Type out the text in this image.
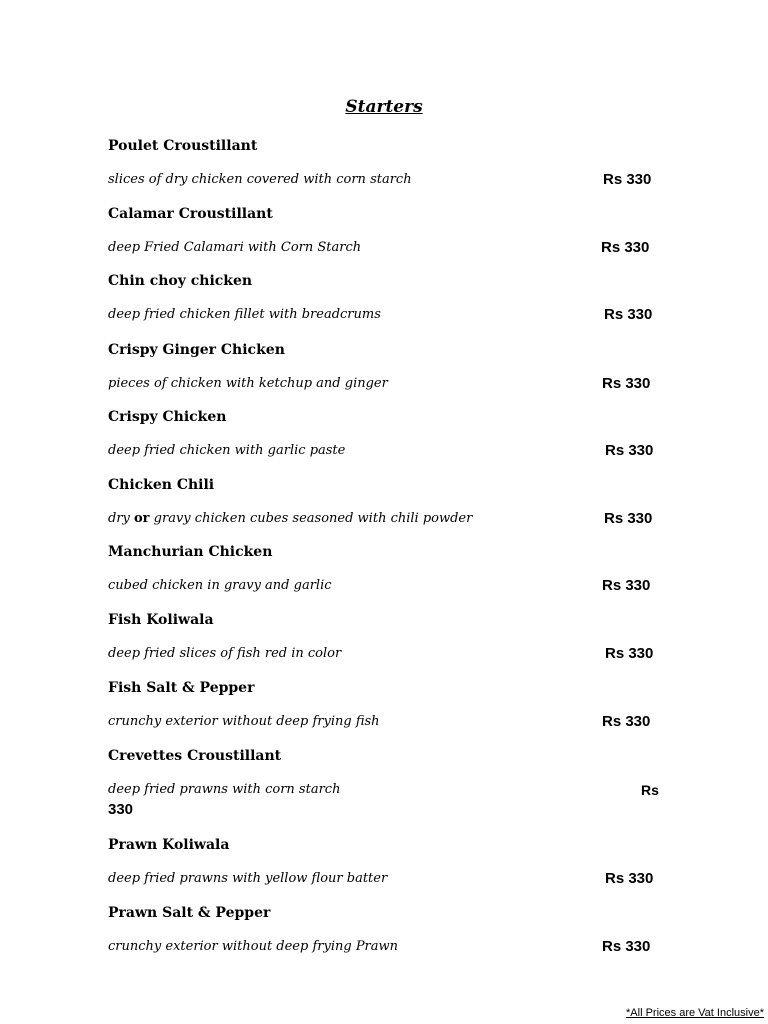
Starters
Poulet Croustillant
slices of dry chicken covered with corn starch	Rs 330
Calamar Croustillant
deep Fried Calamari with Corn Starch	Rs 330
Chin choy chicken
deep fried chicken fillet with breadcrums	Rs 330
Crispy Ginger Chicken
pieces of chicken with ketchup and ginger	Rs 330
Crispy Chicken
deep fried chicken with garlic paste	Rs 330
Chicken Chili
dry or gravy chicken cubes seasoned with chili powder	Rs 330
Manchurian Chicken
cubed chicken in gravy and garlic	Rs 330
Fish Koliwala
deep fried slices of fish red in color	Rs 330
Fish Salt & Pepper
crunchy exterior without deep frying fish	Rs 330
Crevettes Croustillant
deep fried prawns with corn starch	Rs
330
Prawn Koliwala
deep fried prawns with yellow flour batter	Rs 330
Prawn Salt & Pepper
crunchy exterior without deep frying Prawn	Rs 330
*All Prices are Vat Inclusive*
